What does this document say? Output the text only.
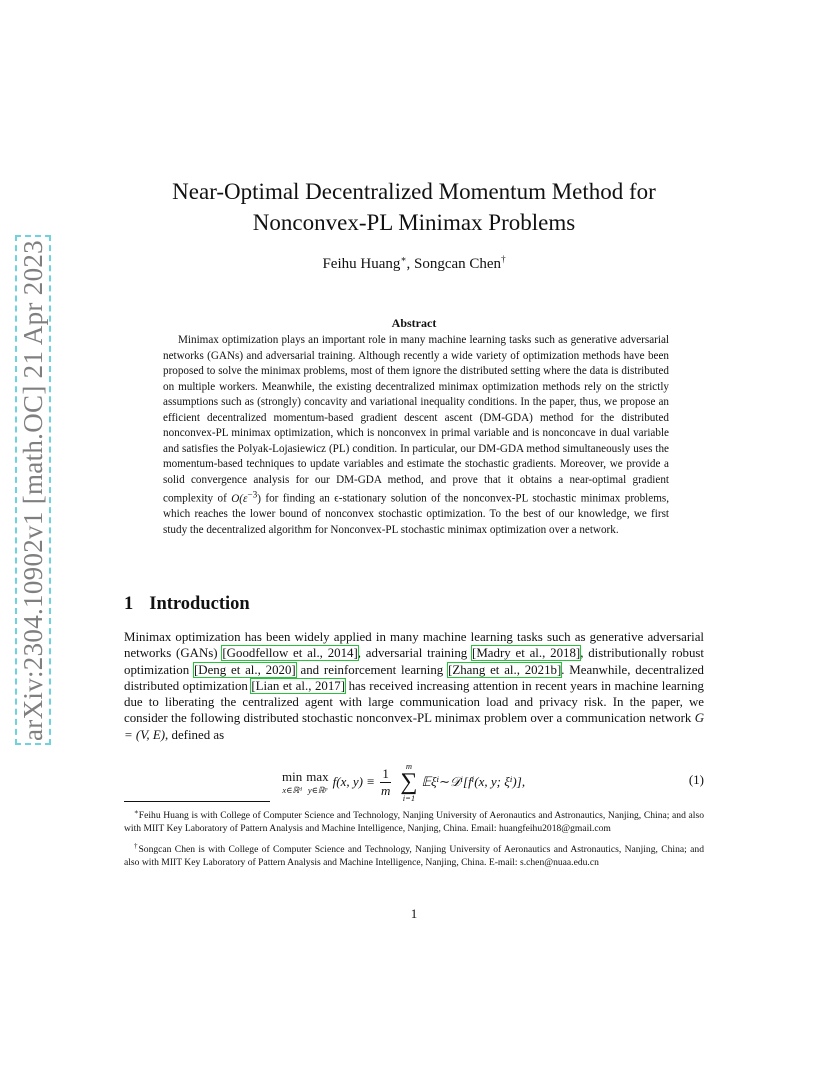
arXiv:2304.10902v1 [math.OC] 21 Apr 2023
Near-Optimal Decentralized Momentum Method for
Nonconvex-PL Minimax Problems
Feihu Huang∗, Songcan Chen†
Abstract

Minimax optimization plays an important role in many machine learning tasks such as generative adversarial networks (GANs) and adversarial training. Although recently a wide variety of optimization methods have been proposed to solve the minimax problems, most of them ignore the distributed setting where the data is distributed on multiple workers. Meanwhile, the existing decentralized minimax optimization methods rely on the strictly assumptions such as (strongly) concavity and variational inequality conditions. In the paper, thus, we propose an efficient decentralized momentum-based gradient descent ascent (DM-GDA) method for the distributed nonconvex-PL minimax optimization, which is nonconvex in primal variable and is nonconcave in dual variable and satisfies the Polyak-Lojasiewicz (PL) condition. In particular, our DM-GDA method simultaneously uses the momentum-based techniques to update variables and estimate the stochastic gradients. Moreover, we provide a solid convergence analysis for our DM-GDA method, and prove that it obtains a near-optimal gradient complexity of $O(\varepsilon^{-3})$ for finding an ϵ-stationary solution of the nonconvex-PL stochastic minimax problems, which reaches the lower bound of nonconvex stochastic optimization. To the best of our knowledge, we first study the decentralized algorithm for Nonconvex-PL stochastic minimax optimization over a network.

1 Introduction

Minimax optimization has been widely applied in many machine learning tasks such as generative adversarial networks (GANs) [Goodfellow et al., 2014], adversarial training [Madry et al., 2018], distributionally robust optimization [Deng et al., 2020] and reinforcement learning [Zhang et al., 2021b]. Meanwhile, decentralized distributed optimization [Lian et al., 2017] has received increasing attention in recent years in machine learning due to liberating the centralized agent with large communication load and privacy risk. In the paper, we consider the following distributed stochastic nonconvex-PL minimax problem over a communication network G = (V, E), defined as

min
x∈ℝᵈ
max
y∈ℝᵖ
f(x, $y) \equiv \frac{1}{m}$ m
∑
i=1
𝔼ξⁱ∼𝒟ⁱ[fⁱ(x, y; ξⁱ)],	(1)

∗Feihu Huang is with College of Computer Science and Technology, Nanjing University of Aeronautics and Astronautics, Nanjing, China; and also with MIIT Key Laboratory of Pattern Analysis and Machine Intelligence, Nanjing, China. Email: huangfeihu2018@gmail.com

†Songcan Chen is with College of Computer Science and Technology, Nanjing University of Aeronautics and Astronautics, Nanjing, China; and also with MIIT Key Laboratory of Pattern Analysis and Machine Intelligence, Nanjing, China. E-mail: s.chen@nuaa.edu.cn

1
